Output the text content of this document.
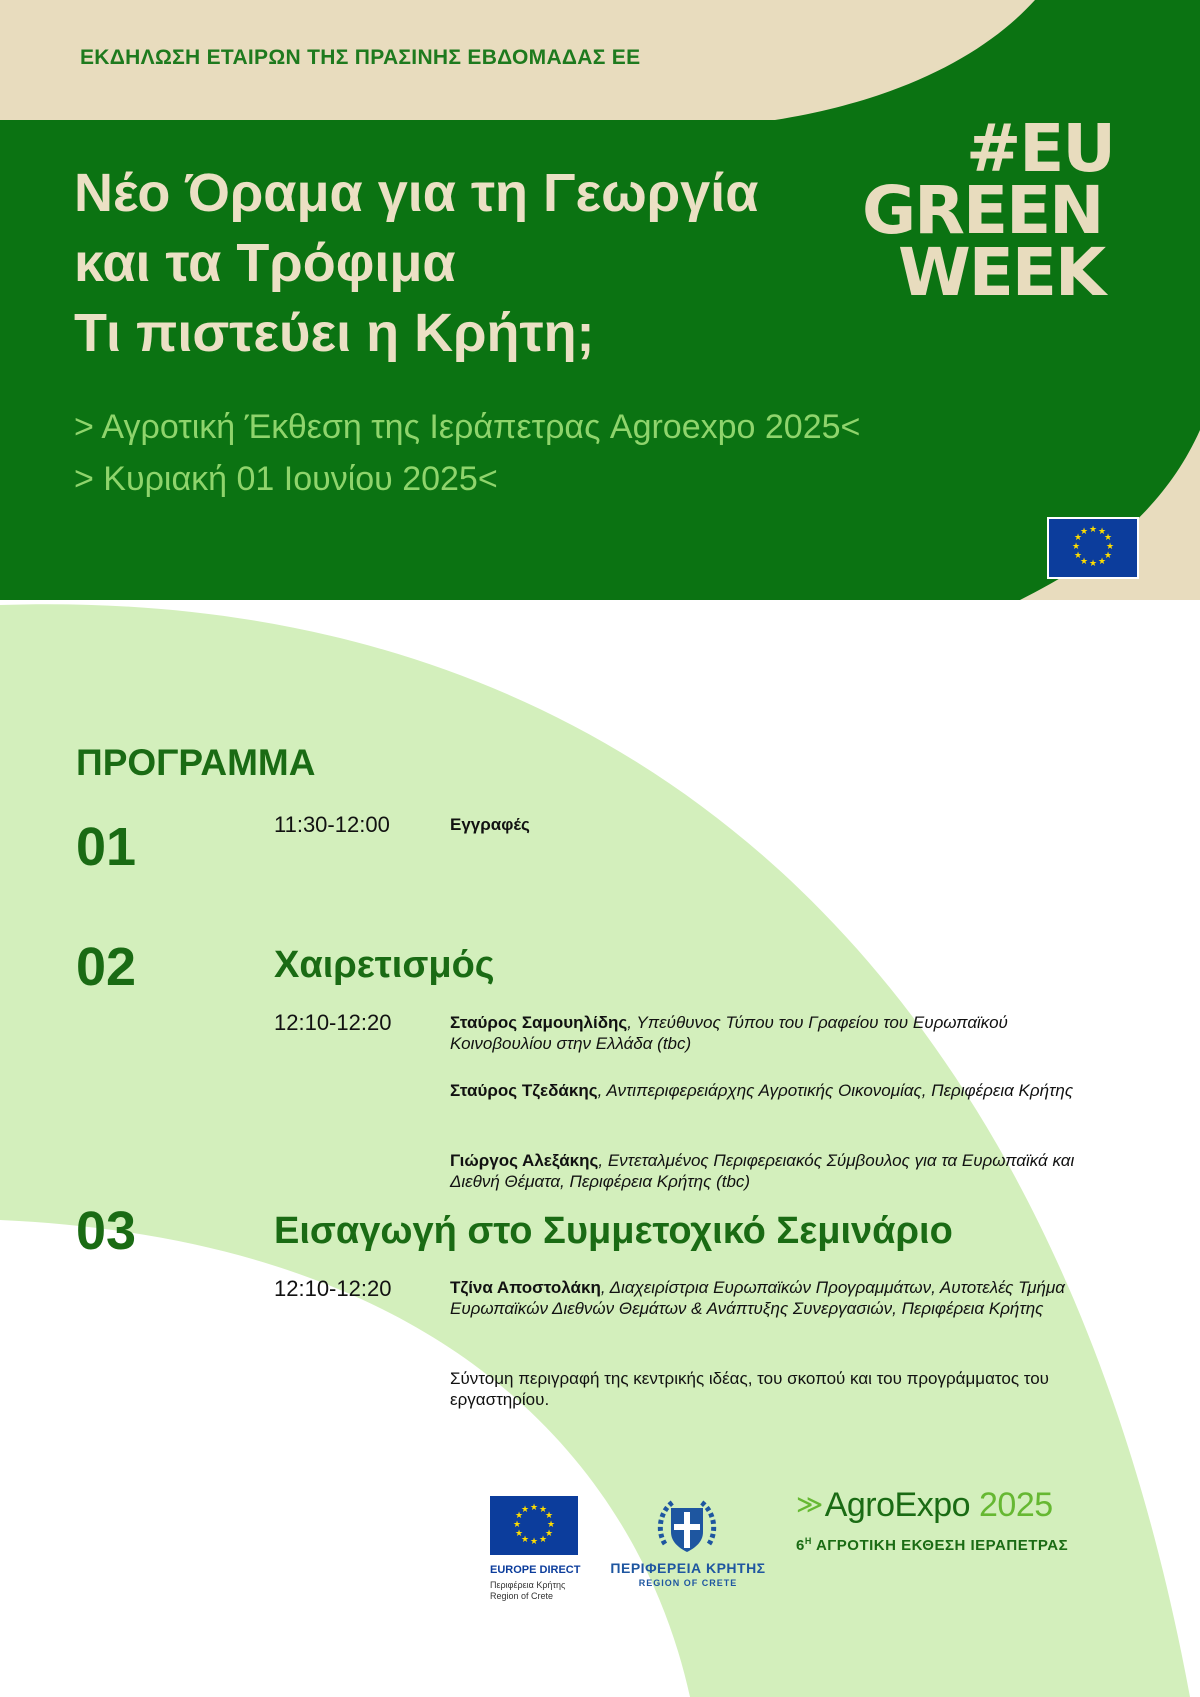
ΕΚΔΗΛΩΣΗ ΕΤΑΙΡΩΝ ΤΗΣ ΠΡΑΣΙΝΗΣ ΕΒΔΟΜΑΔΑΣ ΕΕ
Νέο Όραμα για τη Γεωργία
και τα Τρόφιμα
Τι πιστεύει η Κρήτη;
#EU
GREEN
WEEK
> Αγροτική Έκθεση της Ιεράπετρας Agroexpo 2025<
> Κυριακή 01 Ιουνίου 2025<
★ ★
★
★
★
★
★
★
★
★
★
★
ΠΡΟΓΡΑΜΜΑ
01	11:30-12:00	Εγγραφές
02	Χαιρετισμός
12:10-12:20	Σταύρος Σαμουηλίδης, Υπεύθυνος Τύπου του Γραφείου του Ευρωπαϊκού Κοινοβουλίου στην Ελλάδα (tbc)
Σταύρος Τζεδάκης, Αντιπεριφερειάρχης Αγροτικής Οικονομίας, Περιφέρεια Κρήτης
Γιώργος Αλεξάκης, Εντεταλμένος Περιφερειακός Σύμβουλος για τα Ευρωπαϊκά και Διεθνή Θέματα, Περιφέρεια Κρήτης (tbc)
03	Εισαγωγή στο Συμμετοχικό Σεμινάριο
12:10-12:20	Τζίνα Αποστολάκη, Διαχειρίστρια Ευρωπαϊκών Προγραμμάτων, Αυτοτελές Τμήμα Ευρωπαϊκών Διεθνών Θεμάτων & Ανάπτυξης Συνεργασιών, Περιφέρεια Κρήτης
Σύντομη περιγραφή της κεντρικής ιδέας, του σκοπού και του προγράμματος του εργαστηρίου.
★ ★
★
★
★
★
★
★
★
★
★
★
EUROPE DIRECT
Περιφέρεια Κρήτης
Region of Crete
ΠΕΡΙΦΕΡΕΙΑ ΚΡΗΤΗΣ
REGION OF CRETE
≫AgroExpo 2025
$6^H$ ΑΓΡΟΤΙΚΗ ΕΚΘΕΣΗ ΙΕΡΑΠΕΤΡΑΣ
